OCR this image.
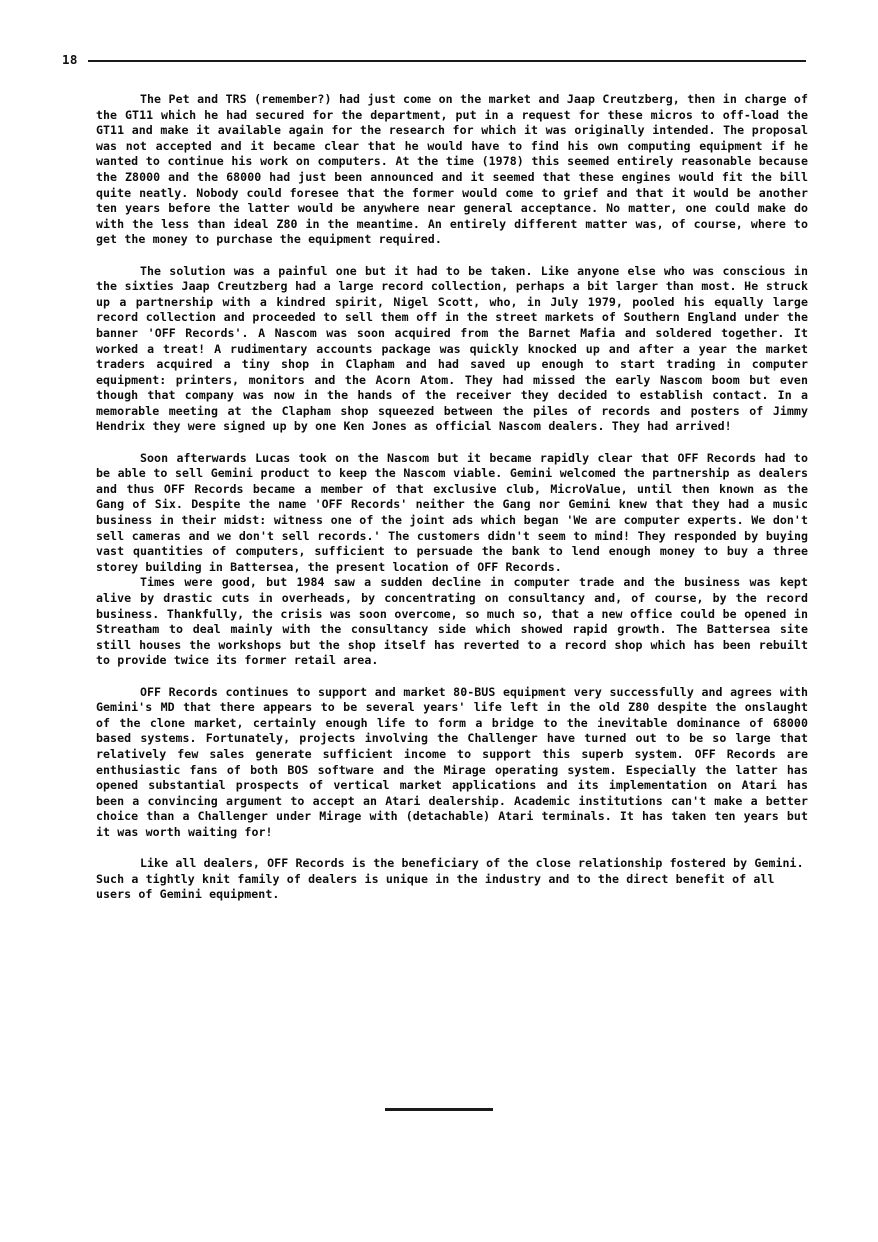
18

The Pet and TRS (remember?) had just come on the market and Jaap Creutzberg, then in charge of the GT11 which he had secured for the department, put in a request for these micros to off-load the GT11 and make it available again for the research for which it was originally intended. The proposal was not accepted and it became clear that he would have to find his own computing equipment if he wanted to continue his work on computers. At the time (1978) this seemed entirely reasonable because the Z8000 and the 68000 had just been announced and it seemed that these engines would fit the bill quite neatly. Nobody could foresee that the former would come to grief and that it would be another ten years before the latter would be anywhere near general acceptance. No matter, one could make do with the less than ideal Z80 in the meantime. An entirely different matter was, of course, where to get the money to purchase the equipment required.

The solution was a painful one but it had to be taken. Like anyone else who was conscious in the sixties Jaap Creutzberg had a large record collection, perhaps a bit larger than most. He struck up a partnership with a kindred spirit, Nigel Scott, who, in July 1979, pooled his equally large record collection and proceeded to sell them off in the street markets of Southern England under the banner 'OFF Records'. A Nascom was soon acquired from the Barnet Mafia and soldered together. It worked a treat! A rudimentary accounts package was quickly knocked up and after a year the market traders acquired a tiny shop in Clapham and had saved up enough to start trading in computer equipment: printers, monitors and the Acorn Atom. They had missed the early Nascom boom but even though that company was now in the hands of the receiver they decided to establish contact. In a memorable meeting at the Clapham shop squeezed between the piles of records and posters of Jimmy Hendrix they were signed up by one Ken Jones as official Nascom dealers. They had arrived!

Soon afterwards Lucas took on the Nascom but it became rapidly clear that OFF Records had to be able to sell Gemini product to keep the Nascom viable. Gemini welcomed the partnership as dealers and thus OFF Records became a member of that exclusive club, MicroValue, until then known as the Gang of Six. Despite the name 'OFF Records' neither the Gang nor Gemini knew that they had a music business in their midst: witness one of the joint ads which began 'We are computer experts. We don't sell cameras and we don't sell records.' The customers didn't seem to mind! They responded by buying vast quantities of computers, sufficient to persuade the bank to lend enough money to buy a three storey building in Battersea, the present location of OFF Records.

Times were good, but 1984 saw a sudden decline in computer trade and the business was kept alive by drastic cuts in overheads, by concentrating on consultancy and, of course, by the record business. Thankfully, the crisis was soon overcome, so much so, that a new office could be opened in Streatham to deal mainly with the consultancy side which showed rapid growth. The Battersea site still houses the workshops but the shop itself has reverted to a record shop which has been rebuilt to provide twice its former retail area.

OFF Records continues to support and market 80-BUS equipment very successfully and agrees with Gemini's MD that there appears to be several years' life left in the old Z80 despite the onslaught of the clone market, certainly enough life to form a bridge to the inevitable dominance of 68000 based systems. Fortunately, projects involving the Challenger have turned out to be so large that relatively few sales generate sufficient income to support this superb system. OFF Records are enthusiastic fans of both BOS software and the Mirage operating system. Especially the latter has opened substantial prospects of vertical market applications and its implementation on Atari has been a convincing argument to accept an Atari dealership. Academic institutions can't make a better choice than a Challenger under Mirage with (detachable) Atari terminals. It has taken ten years but it was worth waiting for!

Like all dealers, OFF Records is the beneficiary of the close relationship fostered by Gemini. Such a tightly knit family of dealers is unique in the industry and to the direct benefit of all users of Gemini equipment.
